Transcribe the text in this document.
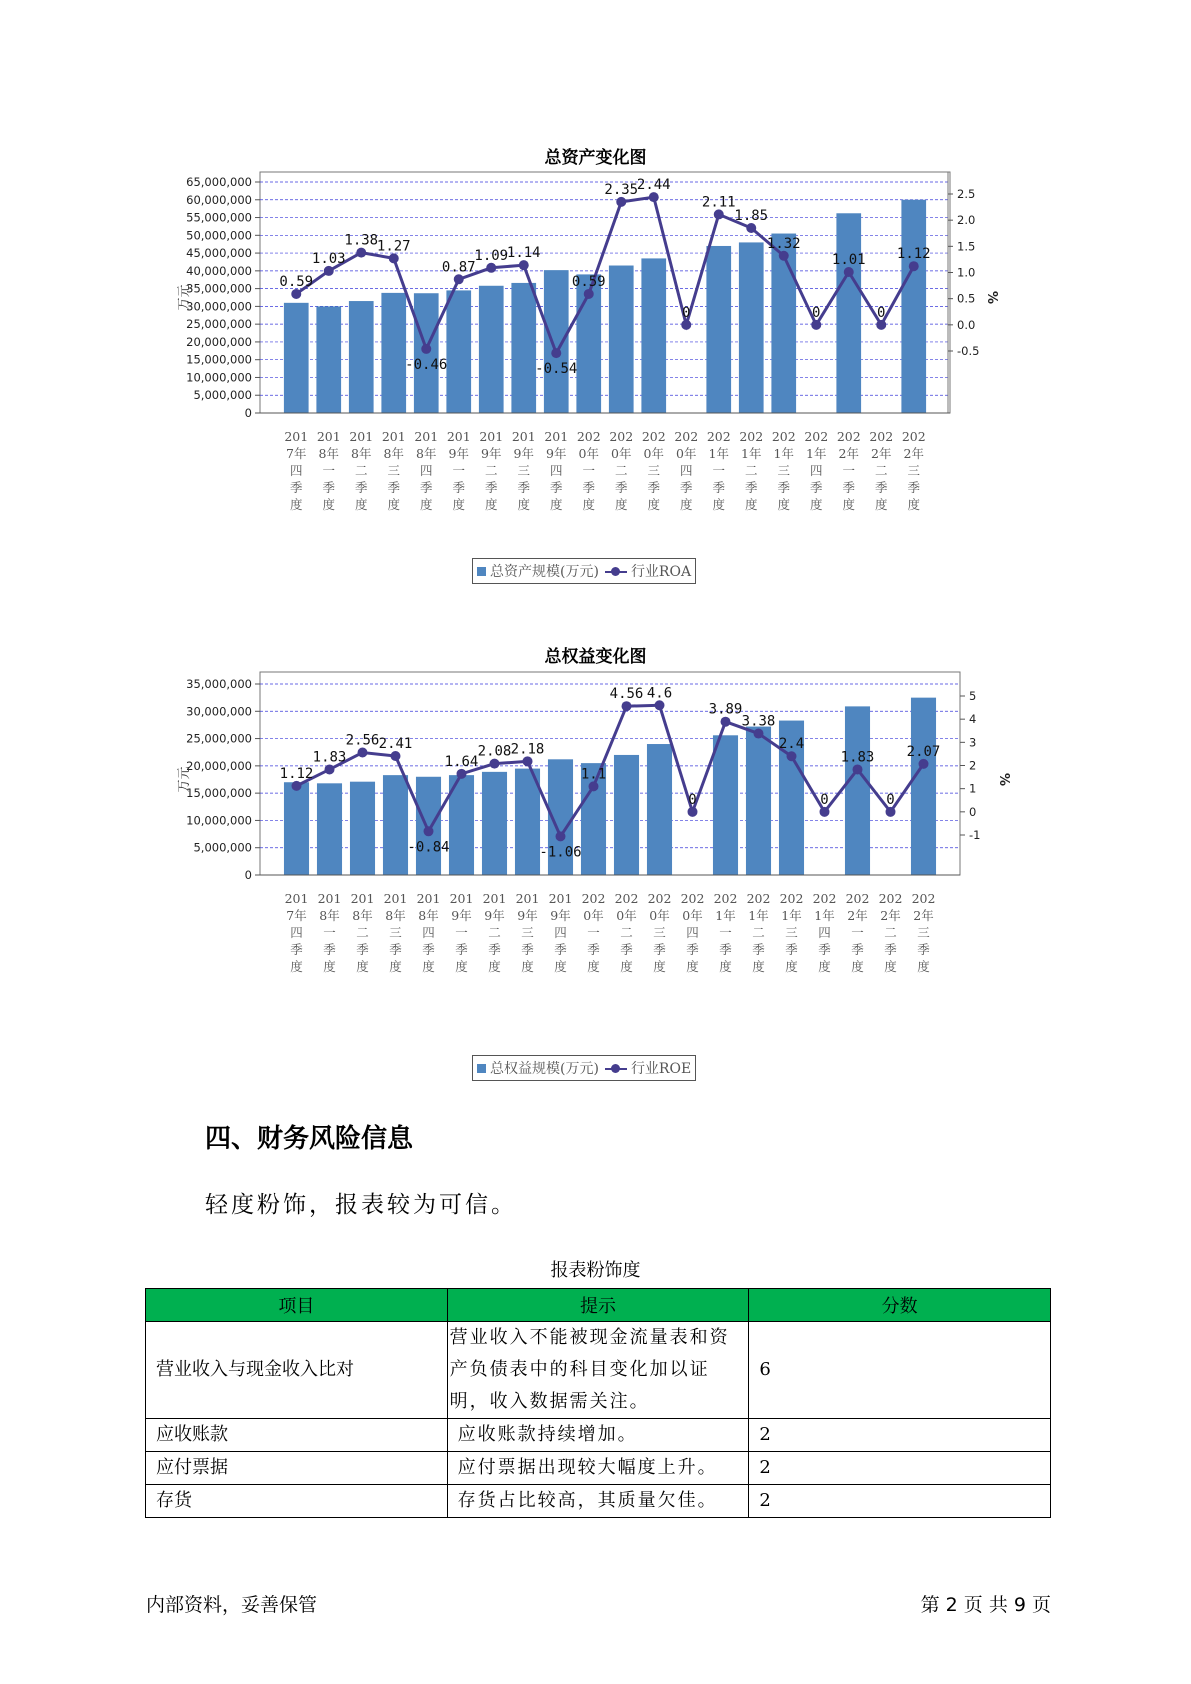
总资产变化图
0
5,000,000
10,000,000
15,000,000
20,000,000
25,000,000
30,000,000
35,000,000
40,000,000
45,000,000
50,000,000
55,000,000
60,000,000
65,000,000
-0.5
0.0
0.5
1.0
1.5
2.0
2.5
万元	%
201 7年四季度
201 8年一季度
201 8年二季度
201 8年三季度
201 8年四季度
201 9年一季度
201 9年二季度
201 9年三季度
201 9年四季度
202 0年一季度
202 0年二季度
202 0年三季度
202 0年四季度
202 1年一季度
202 1年二季度
202 1年三季度
202 1年四季度
202 2年一季度
202 2年二季度
202 2年三季度
0.59
1.03
1.38
1.27
-0.46
0.87
1.09
1.14
-0.54
0.59
2.35
2.44
0
2.11
1.85
1.32
0
1.01
0
1.12
总资产规模(万元) 行业ROA
总权益变化图
0
5,000,000
10,000,000
15,000,000
20,000,000
25,000,000
30,000,000
35,000,000
-1
0
1
2
3
4
5
万元	%
201 7年四季度
201 8年一季度
201 8年二季度
201 8年三季度
201 8年四季度
201 9年一季度
201 9年二季度
201 9年三季度
201 9年四季度
202 0年一季度
202 0年二季度
202 0年三季度
202 0年四季度
202 1年一季度
202 1年二季度
202 1年三季度
202 1年四季度
202 2年一季度
202 2年二季度
202 2年三季度
1.12
1.83
2.56 2.41
-0.84
1.64
2.08 2.18
-1.06
1.1
4.56 4.6
0
3.89
3.38
2.4
0
1.83
0
2.07
总权益规模(万元) 行业ROE
四、财务风险信息
轻度粉饰，报表较为可信。
报表粉饰度
项目	提示	分数
营业收入与现金收入比对	营业收入不能被现金流量表和资产负债表中的科目变化加以证明，收入数据需关注。	6
应收账款	应收账款持续增加。	2
应付票据	应付票据出现较大幅度上升。	2
存货	存货占比较高，其质量欠佳。	2
内部资料，妥善保管	第 2 页 共 9 页
